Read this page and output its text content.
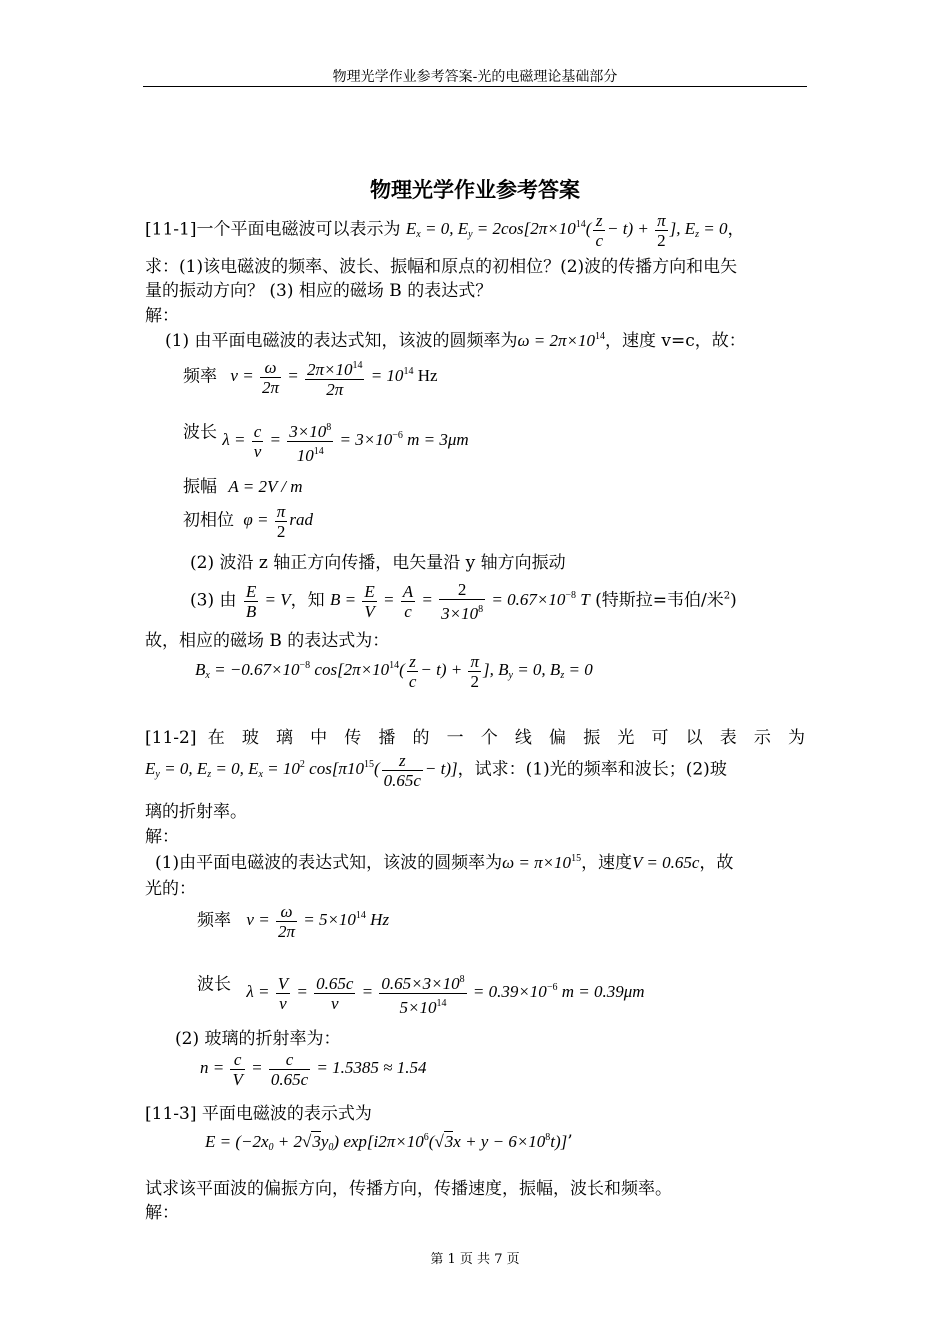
物理光学作业参考答案-光的电磁理论基础部分
物理光学作业参考答案
[11-1]一个平面电磁波可以表示为 $E_x = 0$, $E_y = 2\cos[2\pi\times 10^{14}( \frac{z}{c} - t) + \frac{\pi}{2}$ ], $E_z = 0$，
求：(1)该电磁波的频率、波长、振幅和原点的初相位？(2)波的传播方向和电矢
量的振动方向？ (3) 相应的磁场 B 的表达式？
解：
(1) 由平面电磁波的表达式知，该波的圆频率为$\omega = 2\pi\times 10^{14}$，速度 v=c，故：
频率 $v = \frac{\omega}{2\pi} = \frac{2\pi\times 10^{14}}{2\pi} = 10^{14}$ Hz
波长 $\lambda = \frac{c}{v} = \frac{3\times 10^8}{10^{14}} = 3\times 10^{-6}$ m = 3μm
振幅 A = 2V / m
初相位 $\varphi = \frac{\pi}{2}$ rad
(2) 波沿 z 轴正方向传播，电矢量沿 y 轴方向振动
(3) 由 $\frac{E}{B} = V$，知 $B = \frac{E}{V} = \frac{A}{c} = \frac{2}{3\times 10^8} = 0.67\times 10^{-8}$ T (特斯拉=韦伯/米$^2$)
故，相应的磁场 B 的表达式为：
$B_x = -0.67\times 10^{-8}$ $\cos[2\pi\times 10^{14}( \frac{z}{c} - t) + \frac{\pi}{2}$ ], $B_y = 0$, $B_z = 0$
[11-2] 在 玻 璃 中 传 播 的 一 个 线 偏 振 光 可 以 表 示 为
$E_y = 0$, $E_z = 0$, $E_x = 10^2$ $\cos[\pi 10^{15}( \frac{z}{0.65c} - t)]$，试求：(1)光的频率和波长；(2)玻
璃的折射率。
解：
(1)由平面电磁波的表达式知，该波的圆频率为$\omega = \pi\times 10^{15}$，速度V = 0.65c，故
光的：
频率 $v = \frac{\omega}{2\pi} = 5\times 10^{14}$ Hz
波长 $\lambda = \frac{V}{v} = \frac{0.65c}{v} = \frac{0.65\times 3\times 10^8}{5\times 10^{14}} = 0.39\times 10^{-6}$ m = 0.39μm
(2) 玻璃的折射率为：
$n = \frac{c}{V} = \frac{c}{0.65c} = 1.5385 \approx 1.54$
[11-3] 平面电磁波的表示式为
$E = (-2x_0 + 2√3y_0) \exp[i2\pi\times 10^6(√3x + y - 6\times 10^8t)]$’
试求该平面波的偏振方向，传播方向，传播速度，振幅，波长和频率。
解：
第 1 页 共 7 页
